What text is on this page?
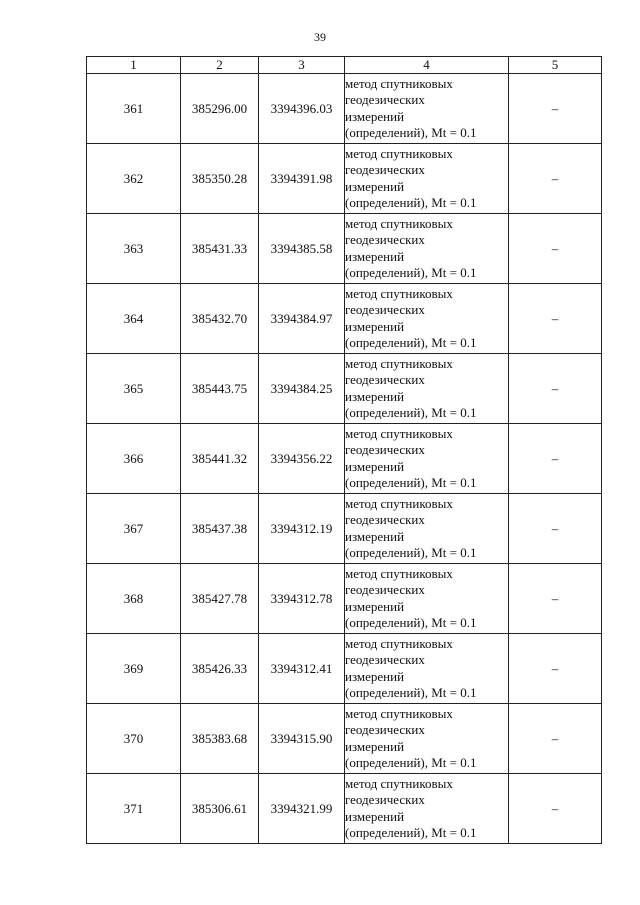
39
1	2	3	4	5
361	385296.00	3394396.03	метод спутниковых
геодезических
измерений
(определений), Mt = 0.1	–
362	385350.28	3394391.98	метод спутниковых
геодезических
измерений
(определений), Mt = 0.1	–
363	385431.33	3394385.58	метод спутниковых
геодезических
измерений
(определений), Mt = 0.1	–
364	385432.70	3394384.97	метод спутниковых
геодезических
измерений
(определений), Mt = 0.1	–
365	385443.75	3394384.25	метод спутниковых
геодезических
измерений
(определений), Mt = 0.1	–
366	385441.32	3394356.22	метод спутниковых
геодезических
измерений
(определений), Mt = 0.1	–
367	385437.38	3394312.19	метод спутниковых
геодезических
измерений
(определений), Mt = 0.1	–
368	385427.78	3394312.78	метод спутниковых
геодезических
измерений
(определений), Mt = 0.1	–
369	385426.33	3394312.41	метод спутниковых
геодезических
измерений
(определений), Mt = 0.1	–
370	385383.68	3394315.90	метод спутниковых
геодезических
измерений
(определений), Mt = 0.1	–
371	385306.61	3394321.99	метод спутниковых
геодезических
измерений
(определений), Mt = 0.1	–
